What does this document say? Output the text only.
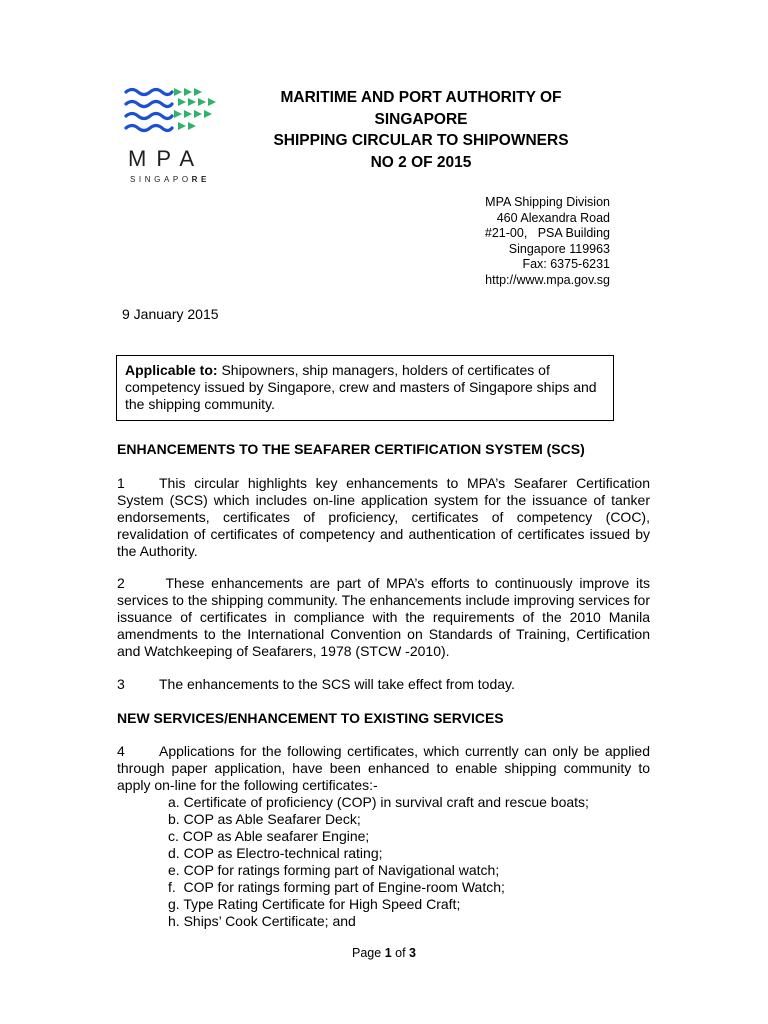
MPA
SINGAPORE
MARITIME AND PORT AUTHORITY OF
SINGAPORE
SHIPPING CIRCULAR TO SHIPOWNERS
NO 2 OF 2015
MPA Shipping Division
460 Alexandra Road
#21-00,   PSA Building
Singapore 119963
Fax: 6375-6231
http://www.mpa.gov.sg
9 January 2015
Applicable to: Shipowners, ship managers, holders of certificates of competency issued by Singapore, crew and masters of Singapore ships and the shipping community.
ENHANCEMENTS TO THE SEAFARER CERTIFICATION SYSTEM (SCS)
1 This circular highlights key enhancements to MPA’s Seafarer Certification System (SCS) which includes on-line application system for the issuance of tanker endorsements, certificates of proficiency, certificates of competency (COC), revalidation of certificates of competency and authentication of certificates issued by the Authority.
2 These enhancements are part of MPA’s efforts to continuously improve its services to the shipping community. The enhancements include improving services for issuance of certificates in compliance with the requirements of the 2010 Manila amendments to the International Convention on Standards of Training, Certification and Watchkeeping of Seafarers, 1978 (STCW -2010).
3 The enhancements to the SCS will take effect from today.
NEW SERVICES/ENHANCEMENT TO EXISTING SERVICES
4 Applications for the following certificates, which currently can only be applied through paper application, have been enhanced to enable shipping community to apply on-line for the following certificates:-
a. Certificate of proficiency (COP) in survival craft and rescue boats;
b. COP as Able Seafarer Deck;
c. COP as Able seafarer Engine;
d. COP as Electro-technical rating;
e. COP for ratings forming part of Navigational watch;
f.  COP for ratings forming part of Engine-room Watch;
g. Type Rating Certificate for High Speed Craft;
h. Ships’ Cook Certificate; and
Page 1 of 3
